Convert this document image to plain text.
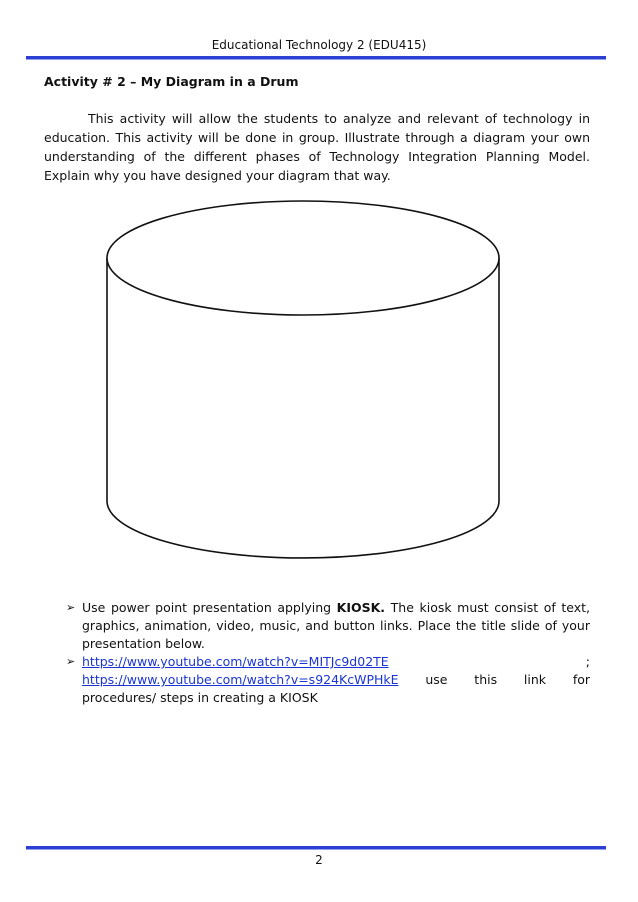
Educational Technology 2 (EDU415)
Activity # 2 – My Diagram in a Drum

This activity will allow the students to analyze and relevant of technology in education. This activity will be done in group. Illustrate through a diagram your own understanding of the different phases of Technology Integration Planning Model. Explain why you have designed your diagram that way.

➢ Use power point presentation applying KIOSK. The kiosk must consist of text, graphics, animation, video, music, and button links. Place the title slide of your presentation below.
➢ https://www.youtube.com/watch?v=MITJc9d02TE	;
https://www.youtube.com/watch?v=s924KcWPHkE use this link for
procedures/ steps in creating a KIOSK
2
